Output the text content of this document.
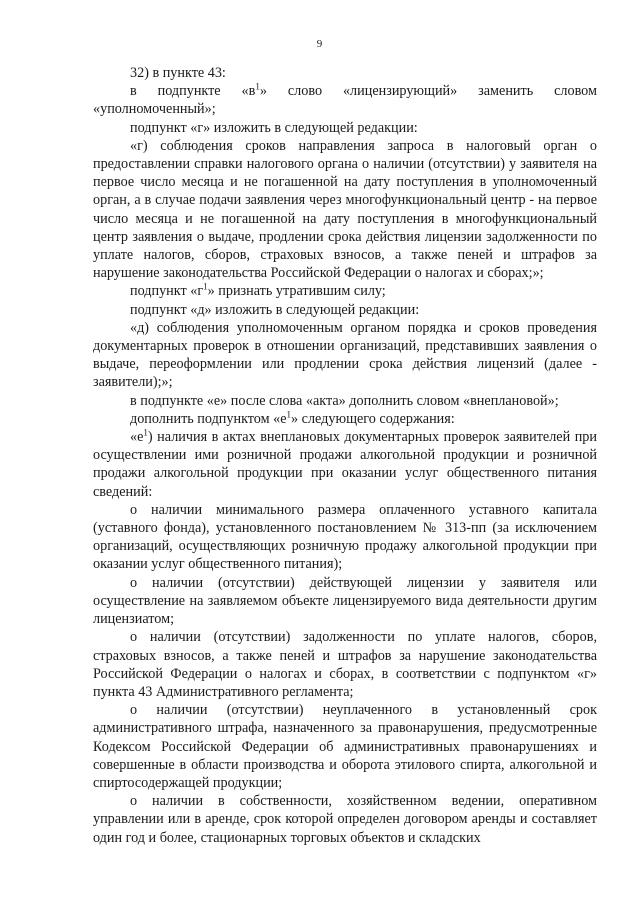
9

32) в пункте 43:

в подпункте «$в^1$» слово «лицензирующий» заменить словом «уполномоченный»;

подпункт «г» изложить в следующей редакции:

«г) соблюдения сроков направления запроса в налоговый орган о предоставлении справки налогового органа о наличии (отсутствии) у заявителя на первое число месяца и не погашенной на дату поступления в уполномоченный орган, а в случае подачи заявления через многофункциональный центр - на первое число месяца и не погашенной на дату поступления в многофункциональный центр заявления о выдаче, продлении срока действия лицензии задолженности по уплате налогов, сборов, страховых взносов, а также пеней и штрафов за нарушение законодательства Российской Федерации о налогах и сборах;»;

подпункт «$г^1$» признать утратившим силу;

подпункт «д» изложить в следующей редакции:

«д) соблюдения уполномоченным органом порядка и сроков проведения документарных проверок в отношении организаций, представивших заявления о выдаче, переоформлении или продлении срока действия лицензий (далее - заявители);»;

в подпункте «е» после слова «акта» дополнить словом «внеплановой»;

дополнить подпунктом «$е^1$» следующего содержания:

«$е^1$) наличия в актах внеплановых документарных проверок заявителей при осуществлении ими розничной продажи алкогольной продукции и розничной продажи алкогольной продукции при оказании услуг общественного питания сведений:

о наличии минимального размера оплаченного уставного капитала (уставного фонда), установленного постановлением № 313-пп (за исключением организаций, осуществляющих розничную продажу алкогольной продукции при оказании услуг общественного питания);

о наличии (отсутствии) действующей лицензии у заявителя или осуществление на заявляемом объекте лицензируемого вида деятельности другим лицензиатом;

о наличии (отсутствии) задолженности по уплате налогов, сборов, страховых взносов, а также пеней и штрафов за нарушение законодательства Российской Федерации о налогах и сборах, в соответствии с подпунктом «г» пункта 43 Административного регламента;

о наличии (отсутствии) неуплаченного в установленный срок административного штрафа, назначенного за правонарушения, предусмотренные Кодексом Российской Федерации об административных правонарушениях и совершенные в области производства и оборота этилового спирта, алкогольной и спиртосодержащей продукции;

о наличии в собственности, хозяйственном ведении, оперативном управлении или в аренде, срок которой определен договором аренды и составляет один год и более, стационарных торговых объектов и складских
